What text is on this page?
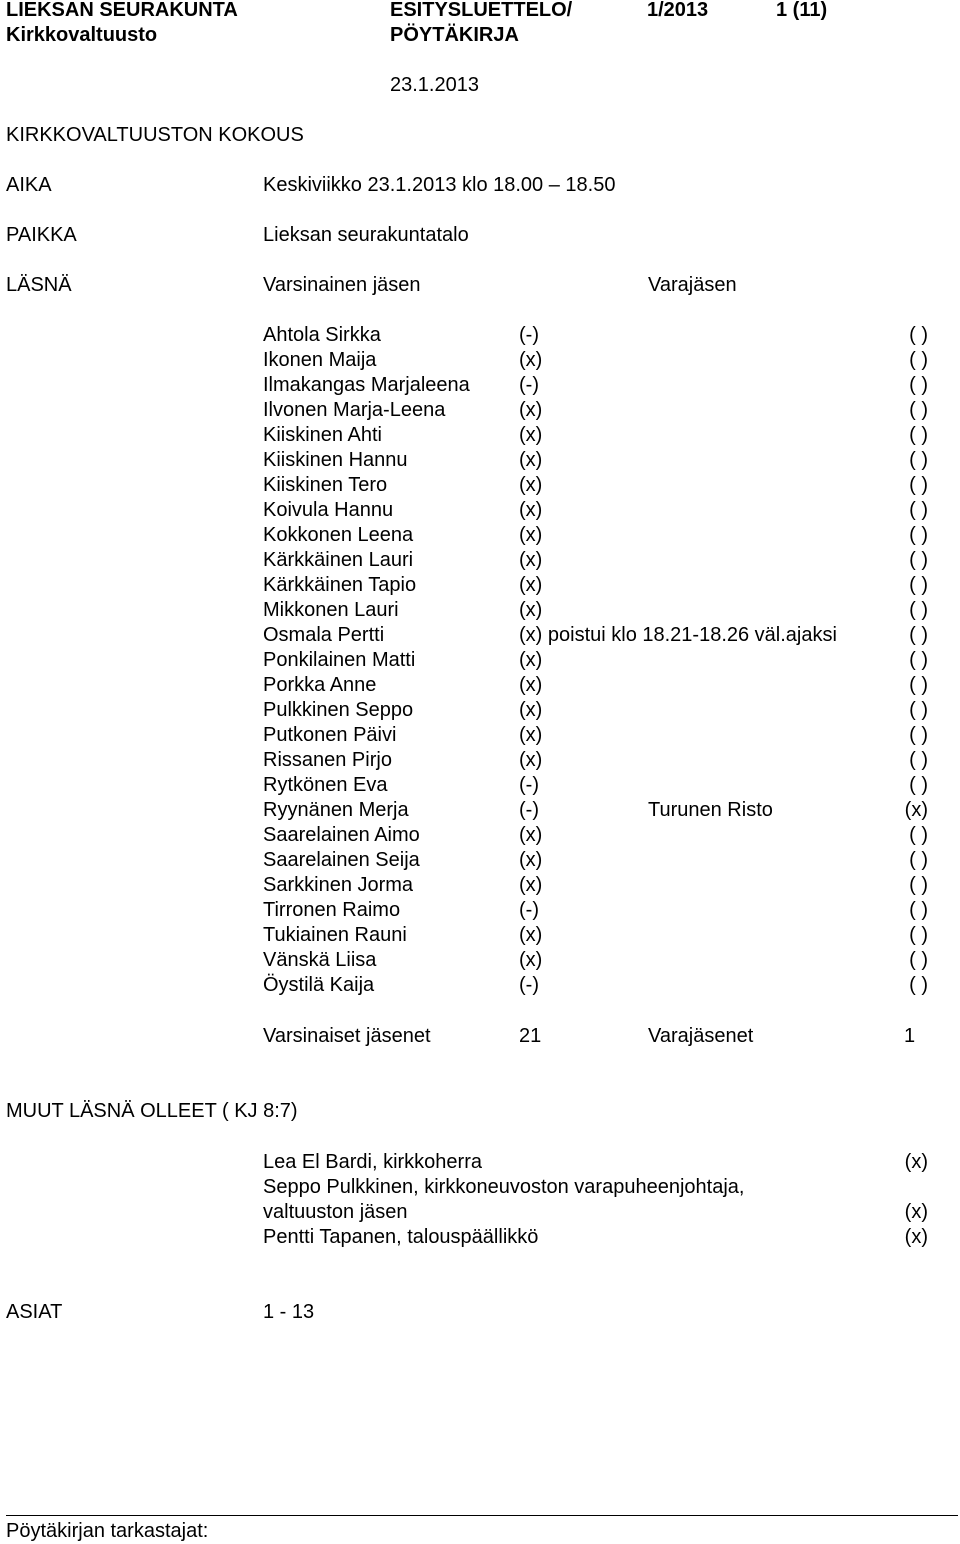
LIEKSAN SEURAKUNTA
Kirkkovaltuusto
ESITYSLUETTELO/
PÖYTÄKIRJA
1/2013	1 (11)
23.1.2013
KIRKKOVALTUUSTON KOKOUS
AIKA	Keskiviikko 23.1.2013 klo 18.00 – 18.50
PAIKKA	Lieksan seurakuntatalo
LÄSNÄ	Varsinainen jäsen	Varajäsen
Ahtola Sirkka	(-)	( )
Ikonen Maija	(x)	( )
Ilmakangas Marjaleena (-)	( )
Ilvonen Marja-Leena	(x)	( )
Kiiskinen Ahti	(x)	( )
Kiiskinen Hannu	(x)	( )
Kiiskinen Tero	(x)	( )
Koivula Hannu	(x)	( )
Kokkonen Leena	(x)	( )
Kärkkäinen Lauri	(x)	( )
Kärkkäinen Tapio	(x)	( )
Mikkonen Lauri	(x)	( )
Osmala Pertti	(x) poistui klo 18.21-18.26 väl.ajaksi	( )
Ponkilainen Matti	(x)	( )
Porkka Anne	(x)	( )
Pulkkinen Seppo	(x)	( )
Putkonen Päivi	(x)	( )
Rissanen Pirjo	(x)	( )
Rytkönen Eva	(-)	( )
Ryynänen Merja	(-)	Turunen Risto	(x)
Saarelainen Aimo	(x)	( )
Saarelainen Seija	(x)	( )
Sarkkinen Jorma	(x)	( )
Tirronen Raimo	(-)	( )
Tukiainen Rauni	(x)	( )
Vänskä Liisa	(x)	( )
Öystilä Kaija	(-)	( )
Varsinaiset jäsenet	21	Varajäsenet	1
MUUT LÄSNÄ OLLEET ( KJ 8:7)
Lea El Bardi, kirkkoherra	(x)
Seppo Pulkkinen, kirkkoneuvoston varapuheenjohtaja,
valtuuston jäsen	(x)
Pentti Tapanen, talouspäällikkö	(x)
ASIAT	1 - 13
Pöytäkirjan tarkastajat:
